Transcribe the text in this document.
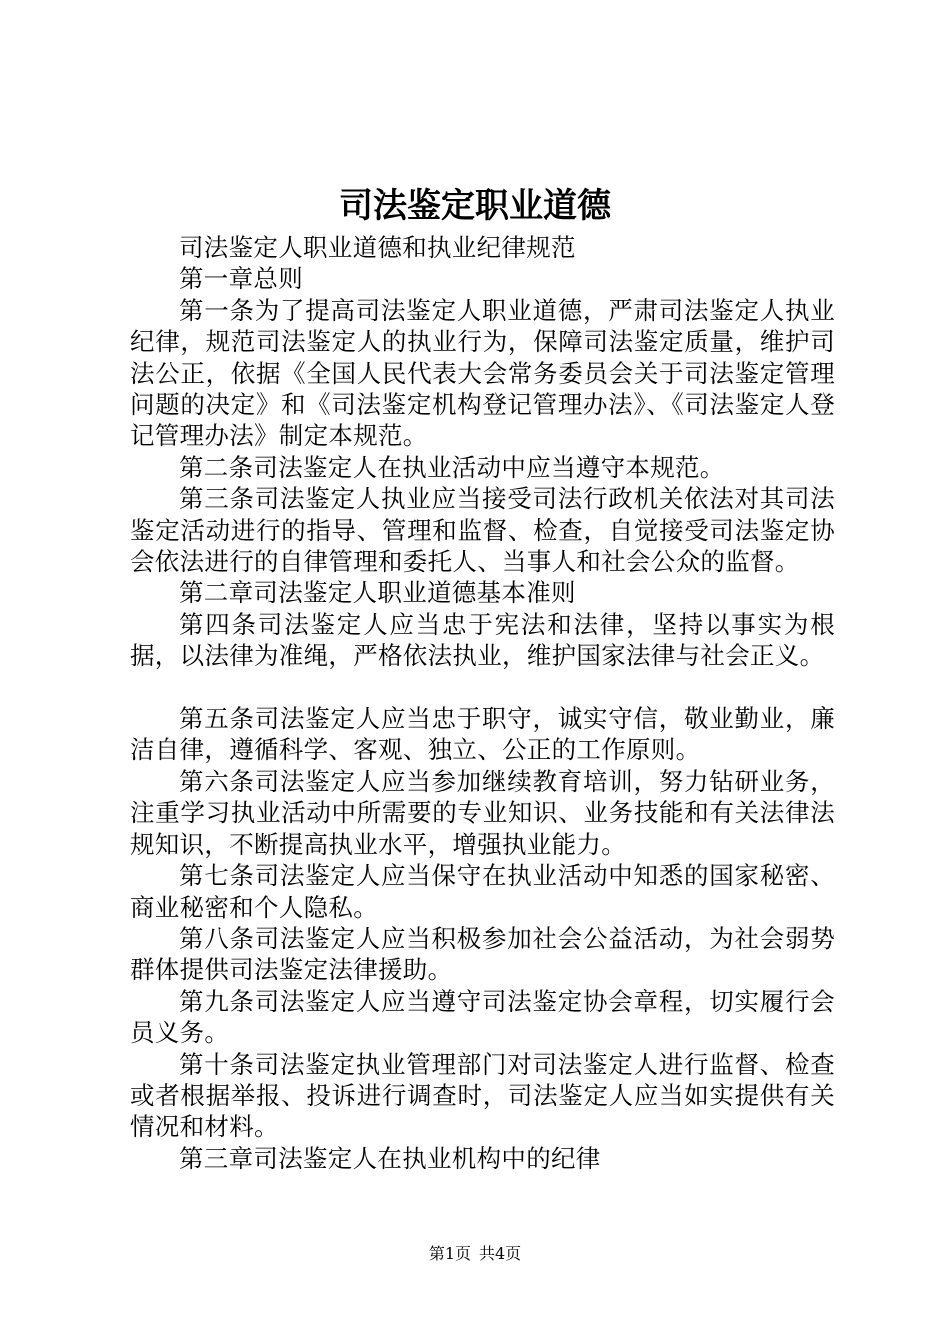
司法鉴定职业道德

司法鉴定人职业道德和执业纪律规范

第一章总则

第一条为了提高司法鉴定人职业道德，严肃司法鉴定人执业纪律，规范司法鉴定人的执业行为，保障司法鉴定质量，维护司法公正，依据《全国人民代表大会常务委员会关于司法鉴定管理问题的决定》和《司法鉴定机构登记管理办法》、《司法鉴定人登记管理办法》制定本规范。

第二条司法鉴定人在执业活动中应当遵守本规范。

第三条司法鉴定人执业应当接受司法行政机关依法对其司法鉴定活动进行的指导、管理和监督、检查，自觉接受司法鉴定协会依法进行的自律管理和委托人、当事人和社会公众的监督。

第二章司法鉴定人职业道德基本准则

第四条司法鉴定人应当忠于宪法和法律，坚持以事实为根据，以法律为准绳，严格依法执业，维护国家法律与社会正义。

第五条司法鉴定人应当忠于职守，诚实守信，敬业勤业，廉洁自律，遵循科学、客观、独立、公正的工作原则。

第六条司法鉴定人应当参加继续教育培训，努力钻研业务，注重学习执业活动中所需要的专业知识、业务技能和有关法律法规知识，不断提高执业水平，增强执业能力。

第七条司法鉴定人应当保守在执业活动中知悉的国家秘密、商业秘密和个人隐私。

第八条司法鉴定人应当积极参加社会公益活动，为社会弱势群体提供司法鉴定法律援助。

第九条司法鉴定人应当遵守司法鉴定协会章程，切实履行会员义务。

第十条司法鉴定执业管理部门对司法鉴定人进行监督、检查或者根据举报、投诉进行调查时，司法鉴定人应当如实提供有关情况和材料。

第三章司法鉴定人在执业机构中的纪律

第1页 共4页
